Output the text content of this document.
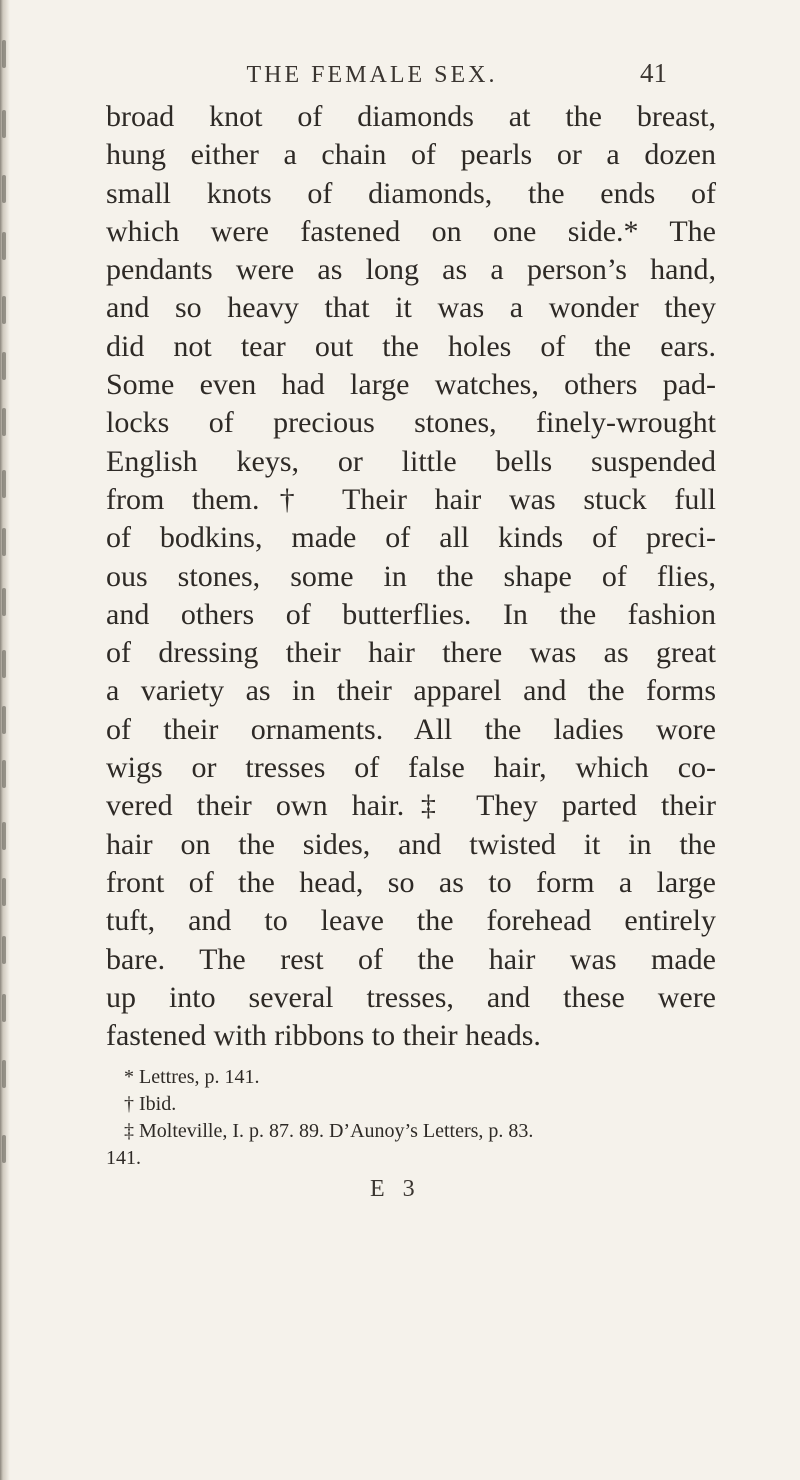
THE FEMALE SEX.	41
broad knot of diamonds at the breast,
hung either a chain of pearls or a dozen
small knots of diamonds, the ends of
which were fastened on one side.* The
pendants were as long as a person’s hand,
and so heavy that it was a wonder they
did not tear out the holes of the ears.
Some even had large watches, others pad-
locks of precious stones, finely-wrought
English keys, or little bells suspended
from them.† Their hair was stuck full
of bodkins, made of all kinds of preci-
ous stones, some in the shape of flies,
and others of butterflies. In the fashion
of dressing their hair there was as great
a variety as in their apparel and the forms
of their ornaments. All the ladies wore
wigs or tresses of false hair, which co-
vered their own hair.‡ They parted their
hair on the sides, and twisted it in the
front of the head, so as to form a large
tuft, and to leave the forehead entirely
bare. The rest of the hair was made
up into several tresses, and these were
fastened with ribbons to their heads.
* Lettres, p. 141.
† Ibid.
‡ Molteville, I. p. 87. 89. D’Aunoy’s Letters, p. 83.
141.
E 3
